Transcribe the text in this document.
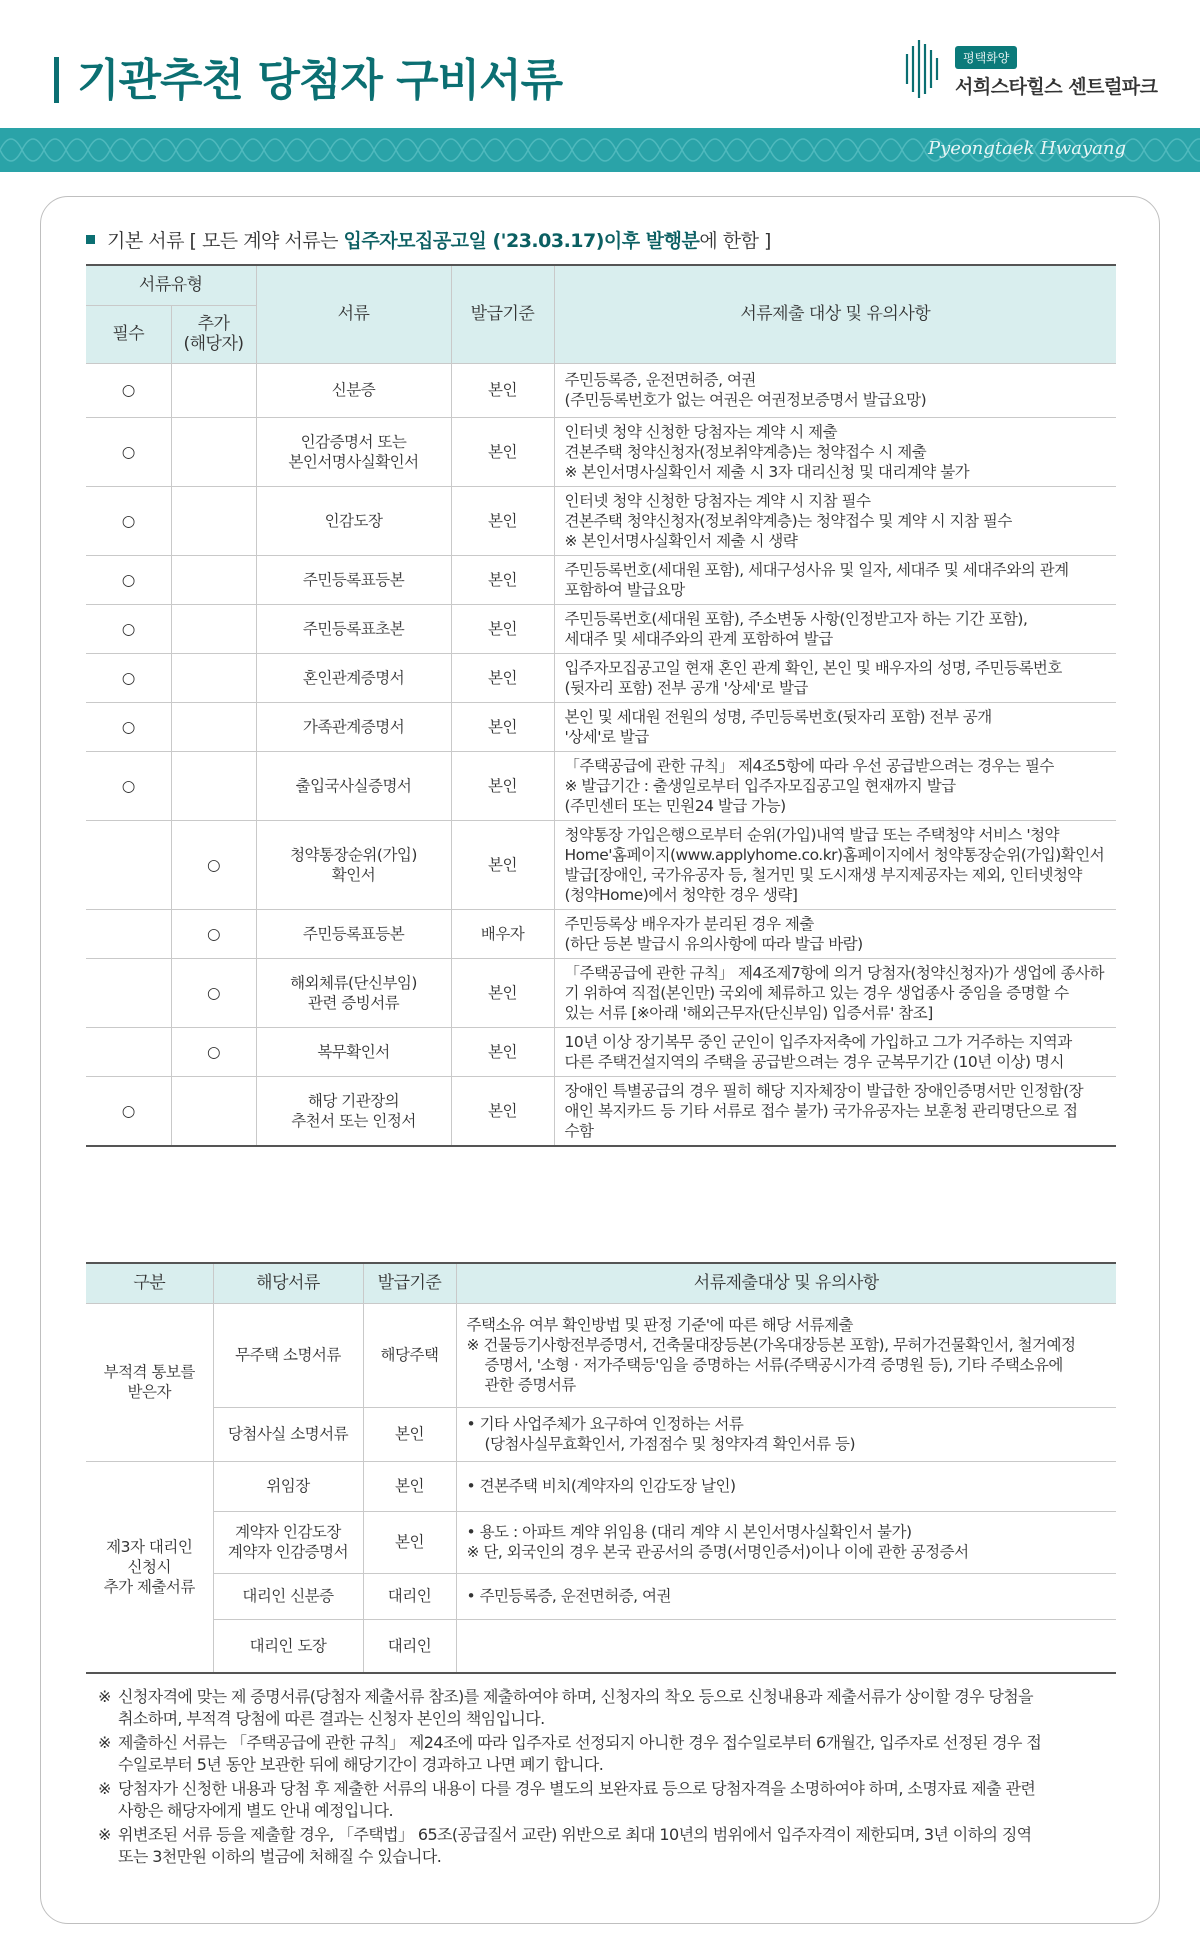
기관추천 당첨자 구비서류	평택화양
서희스타힐스 센트럴파크
Pyeongtaek Hwayang
기본 서류 [ 모든 계약 서류는 입주자모집공고일 ('23.03.17)이후 발행분에 한함 ]
서류유형		서류	발급기준	서류제출 대상 및 유의사항
필수	추가
(해당자)			
○		신분증	본인	주민등록증, 운전면허증, 여권
(주민등록번호가 없는 여권은 여권정보증명서 발급요망)

○		인감증명서 또는
본인서명사실확인서	본인	인터넷 청약 신청한 당첨자는 계약 시 제출
견본주택 청약신청자(정보취약계층)는 청약접수 시 제출
※ 본인서명사실확인서 제출 시 3자 대리신청 및 대리계약 불가

○		인감도장	본인	인터넷 청약 신청한 당첨자는 계약 시 지참 필수
견본주택 청약신청자(정보취약계층)는 청약접수 및 계약 시 지참 필수
※ 본인서명사실확인서 제출 시 생략

○		주민등록표등본	본인	주민등록번호(세대원 포함), 세대구성사유 및 일자, 세대주 및 세대주와의 관계
포함하여 발급요망

○		주민등록표초본	본인	주민등록번호(세대원 포함), 주소변동 사항(인정받고자 하는 기간 포함),
세대주 및 세대주와의 관계 포함하여 발급

○		혼인관계증명서	본인	입주자모집공고일 현재 혼인 관계 확인, 본인 및 배우자의 성명, 주민등록번호
(뒷자리 포함) 전부 공개 '상세'로 발급

○		가족관계증명서	본인	본인 및 세대원 전원의 성명, 주민등록번호(뒷자리 포함) 전부 공개
'상세'로 발급

○		출입국사실증명서	본인	「주택공급에 관한 규칙」 제4조5항에 따라 우선 공급받으려는 경우는 필수
※ 발급기간 : 출생일로부터 입주자모집공고일 현재까지 발급
(주민센터 또는 민원24 발급 가능)

	○	청약통장순위(가입)
확인서	본인	청약통장 가입은행으로부터 순위(가입)내역 발급 또는 주택청약 서비스 '청약
Home'홈페이지(www.applyhome.co.kr)홈페이지에서 청약통장순위(가입)확인서
발급[장애인, 국가유공자 등, 철거민 및 도시재생 부지제공자는 제외, 인터넷청약
(청약Home)에서 청약한 경우 생략]

	○	주민등록표등본	배우자	주민등록상 배우자가 분리된 경우 제출
(하단 등본 발급시 유의사항에 따라 발급 바람)

	○	해외체류(단신부임)
관련 증빙서류	본인	「주택공급에 관한 규칙」 제4조제7항에 의거 당첨자(청약신청자)가 생업에 종사하
기 위하여 직접(본인만) 국외에 체류하고 있는 경우 생업종사 중임을 증명할 수
있는 서류 [※아래 '해외근무자(단신부임) 입증서류' 참조]

	○	복무확인서	본인	10년 이상 장기복무 중인 군인이 입주자저축에 가입하고 그가 거주하는 지역과
다른 주택건설지역의 주택을 공급받으려는 경우 군복무기간 (10년 이상) 명시

○		해당 기관장의
추천서 또는 인정서	본인	장애인 특별공급의 경우 필히 해당 지자체장이 발급한 장애인증명서만 인정함(장
애인 복지카드 등 기타 서류로 접수 불가) 국가유공자는 보훈청 관리명단으로 접
수함
구분	해당서류	발급기준	서류제출대상 및 유의사항

부적격 통보를
받은자	무주택 소명서류	해당주택	주택소유 여부 확인방법 및 판정 기준'에 따른 해당 서류제출
※ 건물등기사항전부증명서, 건축물대장등본(가옥대장등본 포함), 무허가건물확인서, 철거예정
증명서, '소형 · 저가주택등'임을 증명하는 서류(주택공시가격 증명원 등), 기타 주택소유에
관한 증명서류

	당첨사실 소명서류	본인	• 기타 사업주체가 요구하여 인정하는 서류
(당첨사실무효확인서, 가점점수 및 청약자격 확인서류 등)

제3자 대리인
신청시
추가 제출서류	위임장	본인	• 견본주택 비치(계약자의 인감도장 날인)

	계약자 인감도장
계약자 인감증명서	본인	• 용도 : 아파트 계약 위임용 (대리 계약 시 본인서명사실확인서 불가)
※ 단, 외국인의 경우 본국 관공서의 증명(서명인증서)이나 이에 관한 공정증서

	대리인 신분증	대리인	• 주민등록증, 운전면허증, 여권

	대리인 도장	대리인	
※ 신청자격에 맞는 제 증명서류(당첨자 제출서류 참조)를 제출하여야 하며, 신청자의 착오 등으로 신청내용과 제출서류가 상이할 경우 당첨을
취소하며, 부적격 당첨에 따른 결과는 신청자 본인의 책임입니다.
※ 제출하신 서류는 「주택공급에 관한 규칙」 제24조에 따라 입주자로 선정되지 아니한 경우 접수일로부터 6개월간, 입주자로 선정된 경우 접
수일로부터 5년 동안 보관한 뒤에 해당기간이 경과하고 나면 폐기 합니다.
※ 당첨자가 신청한 내용과 당첨 후 제출한 서류의 내용이 다를 경우 별도의 보완자료 등으로 당첨자격을 소명하여야 하며, 소명자료 제출 관련
사항은 해당자에게 별도 안내 예정입니다.
※ 위변조된 서류 등을 제출할 경우, 「주택법」 65조(공급질서 교란) 위반으로 최대 10년의 범위에서 입주자격이 제한되며, 3년 이하의 징역
또는 3천만원 이하의 벌금에 처해질 수 있습니다.
